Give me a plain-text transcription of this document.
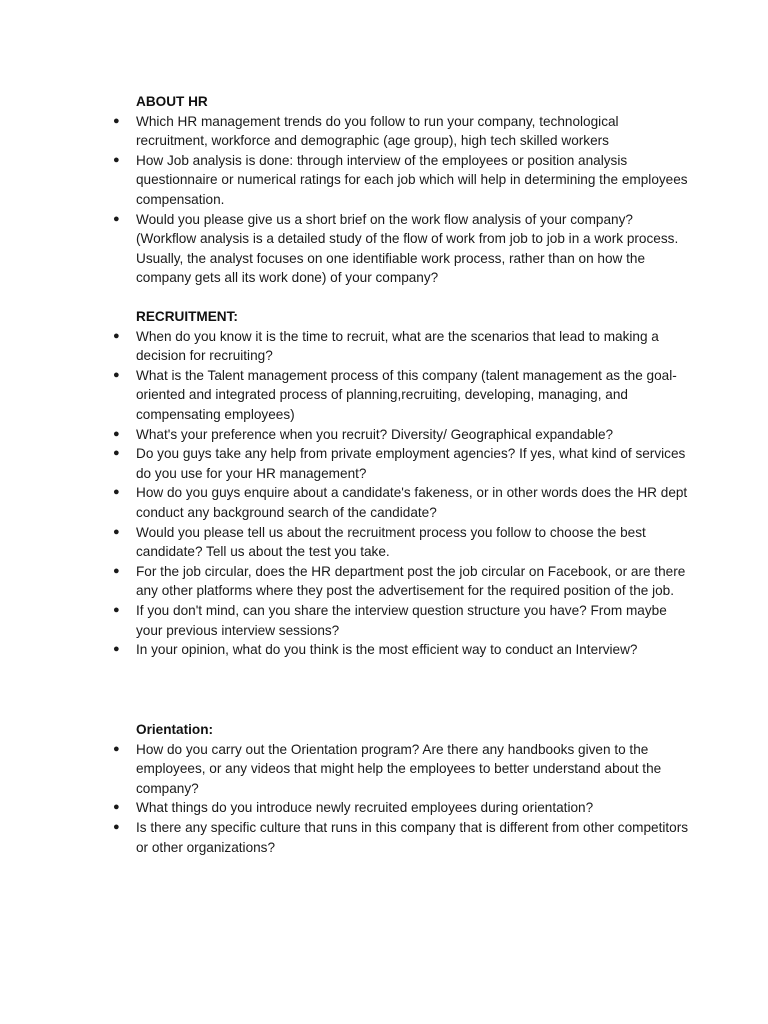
ABOUT HR

● Which HR management trends do you follow to run your company, technological recruitment, workforce and demographic (age group), high tech skilled workers
● How Job analysis is done: through interview of the employees or position analysis questionnaire or numerical ratings for each job which will help in determining the employees compensation.
● Would you please give us a short brief on the work flow analysis of your company? (Workflow analysis is a detailed study of the flow of work from job to job in a work process. Usually, the analyst focuses on one identifiable work process, rather than on how the company gets all its work done) of your company?

RECRUITMENT:

● When do you know it is the time to recruit, what are the scenarios that lead to making a decision for recruiting?
● What is the Talent management process of this company (talent management as the goal-oriented and integrated process of planning,recruiting, developing, managing, and compensating employees)
● What's your preference when you recruit? Diversity/ Geographical expandable?
● Do you guys take any help from private employment agencies? If yes, what kind of services do you use for your HR management?
● How do you guys enquire about a candidate's fakeness, or in other words does the HR dept conduct any background search of the candidate?
● Would you please tell us about the recruitment process you follow to choose the best candidate? Tell us about the test you take.
● For the job circular, does the HR department post the job circular on Facebook, or are there any other platforms where they post the advertisement for the required position of the job.
● If you don't mind, can you share the interview question structure you have? From maybe your previous interview sessions?
● In your opinion, what do you think is the most efficient way to conduct an Interview?

Orientation:

● How do you carry out the Orientation program? Are there any handbooks given to the employees, or any videos that might help the employees to better understand about the company?
● What things do you introduce newly recruited employees during orientation?
● Is there any specific culture that runs in this company that is different from other competitors or other organizations?
